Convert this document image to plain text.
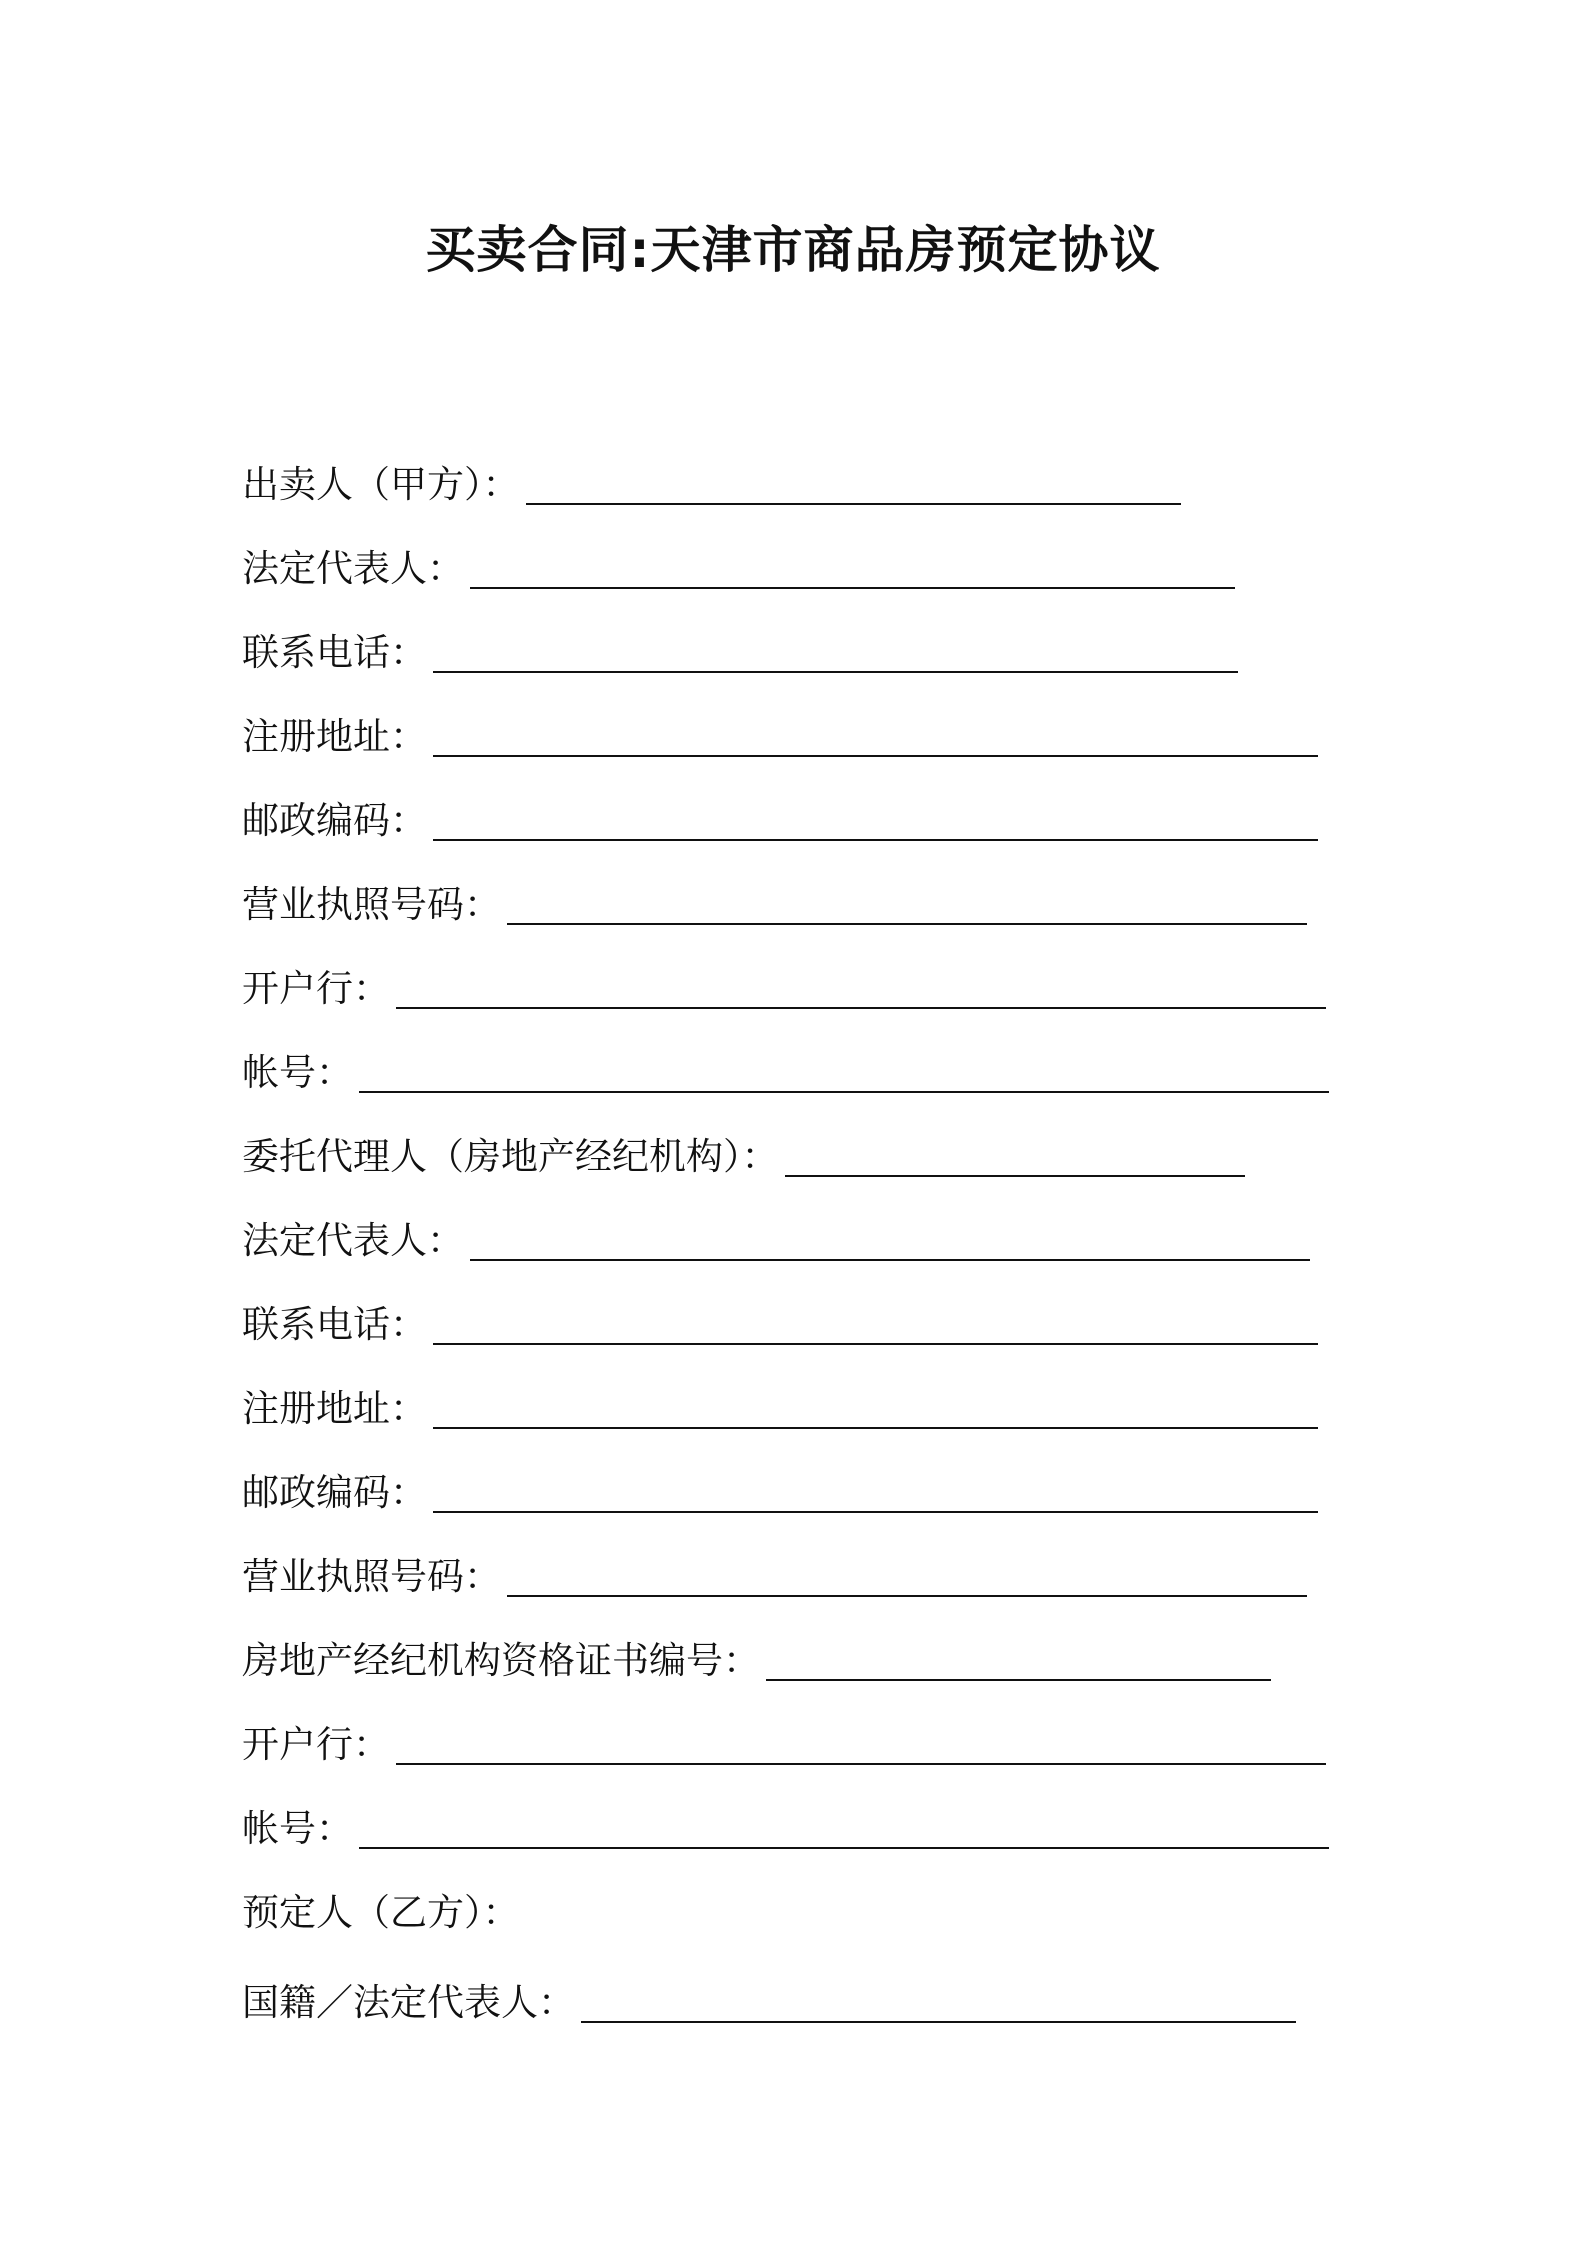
买卖合同:天津市商品房预定协议
出卖人（甲方）：
法定代表人：
联系电话：
注册地址：
邮政编码：
营业执照号码：
开户行：
帐号：
委托代理人（房地产经纪机构）：
法定代表人：
联系电话：
注册地址：
邮政编码：
营业执照号码：
房地产经纪机构资格证书编号：
开户行：
帐号：
预定人（乙方）：
国籍／法定代表人：
